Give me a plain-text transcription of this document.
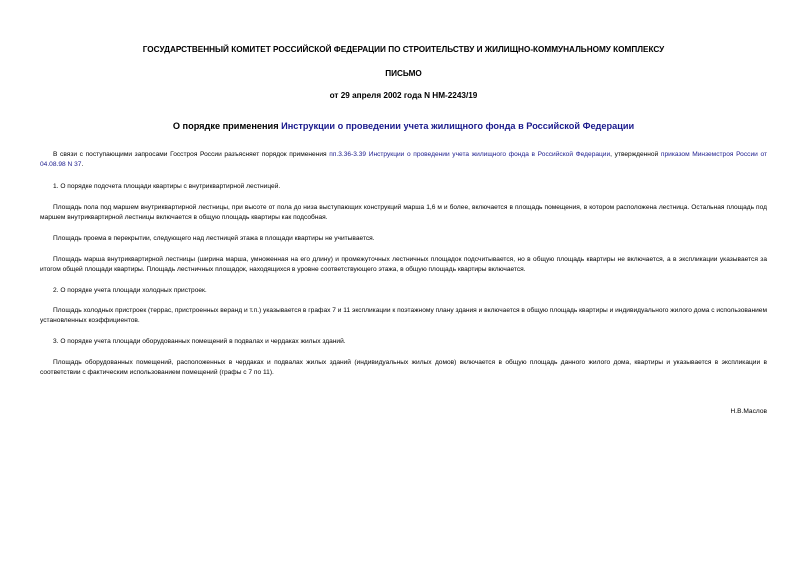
ГОСУДАРСТВЕННЫЙ КОМИТЕТ РОССИЙСКОЙ ФЕДЕРАЦИИ ПО СТРОИТЕЛЬСТВУ И ЖИЛИЩНО-КОММУНАЛЬНОМУ КОМПЛЕКСУ
ПИСЬМО
от 29 апреля 2002 года N НМ-2243/19
О порядке применения Инструкции о проведении учета жилищного фонда в Российской Федерации

В связи с поступающими запросами Госстроя России разъясняет порядок применения пп.3.36-3.39 Инструкции о проведении учета жилищного фонда в Российской Федерации, утвержденной приказом Минземстроя России от 04.08.98 N 37.

1. О порядке подсчета площади квартиры с внутриквартирной лестницей.

Площадь пола под маршем внутриквартирной лестницы, при высоте от пола до низа выступающих конструкций марша 1,6 м и более, включается в площадь помещения, в котором расположена лестница. Остальная площадь под маршем внутриквартирной лестницы включается в общую площадь квартиры как подсобная.

Площадь проема в перекрытии, следующего над лестницей этажа в площади квартиры не учитывается.

Площадь марша внутриквартирной лестницы (ширина марша, умноженная на его длину) и промежуточных лестничных площадок подсчитывается, но в общую площадь квартиры не включается, а в экспликации указывается за итогом общей площади квартиры. Площадь лестничных площадок, находящихся в уровне соответствующего этажа, в общую площадь квартиры включается.

2. О порядке учета площади холодных пристроек.

Площадь холодных пристроек (террас, пристроенных веранд и т.п.) указывается в графах 7 и 11 экспликации к поэтажному плану здания и включается в общую площадь квартиры и индивидуального жилого дома с использованием установленных коэффициентов.

3. О порядке учета площади оборудованных помещений в подвалах и чердаках жилых зданий.

Площадь оборудованных помещений, расположенных в чердаках и подвалах жилых зданий (индивидуальных жилых домов) включается в общую площадь данного жилого дома, квартиры и указывается в экспликации в соответствии с фактическим использованием помещений (графы с 7 по 11).

Н.В.Маслов
